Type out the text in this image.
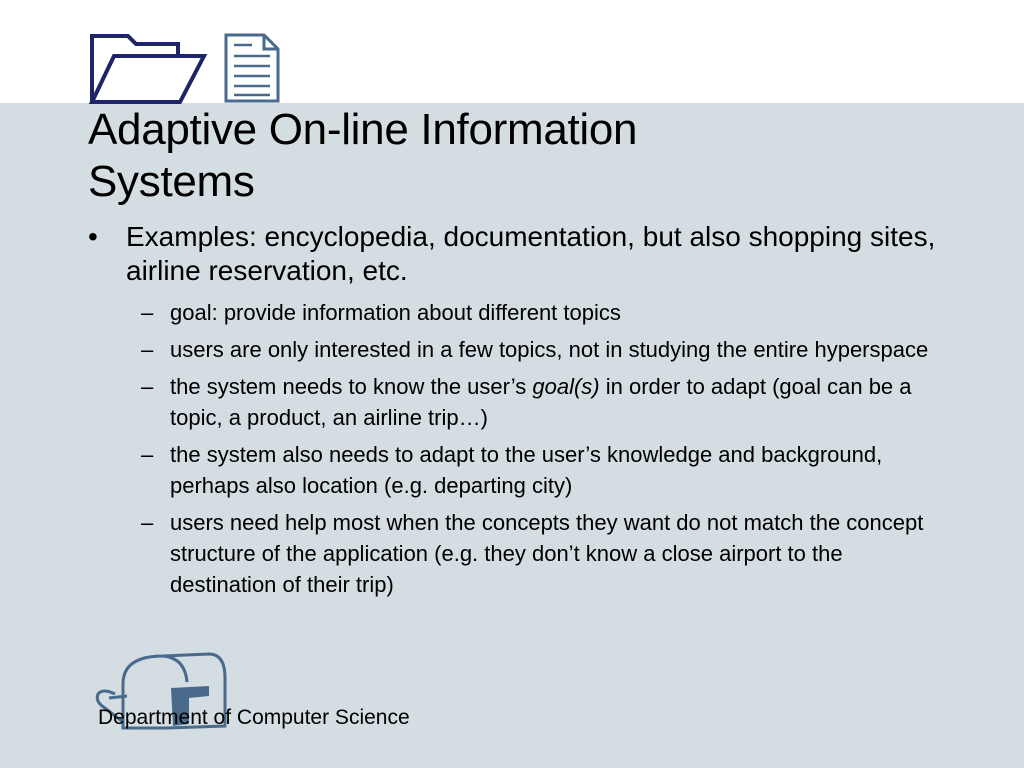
Adaptive On-line Information Systems
• Examples: encyclopedia, documentation, but also shopping sites, airline reservation, etc.
– goal: provide information about different topics
– users are only interested in a few topics, not in studying the entire hyperspace
– the system needs to know the user’s goal(s) in order to adapt (goal can be a topic, a product, an airline trip…)
– the system also needs to adapt to the user’s knowledge and background, perhaps also location (e.g. departing city)
– users need help most when the concepts they want do not match the concept structure of the application (e.g. they don’t know a close airport to the destination of their trip)
Department of Computer Science
